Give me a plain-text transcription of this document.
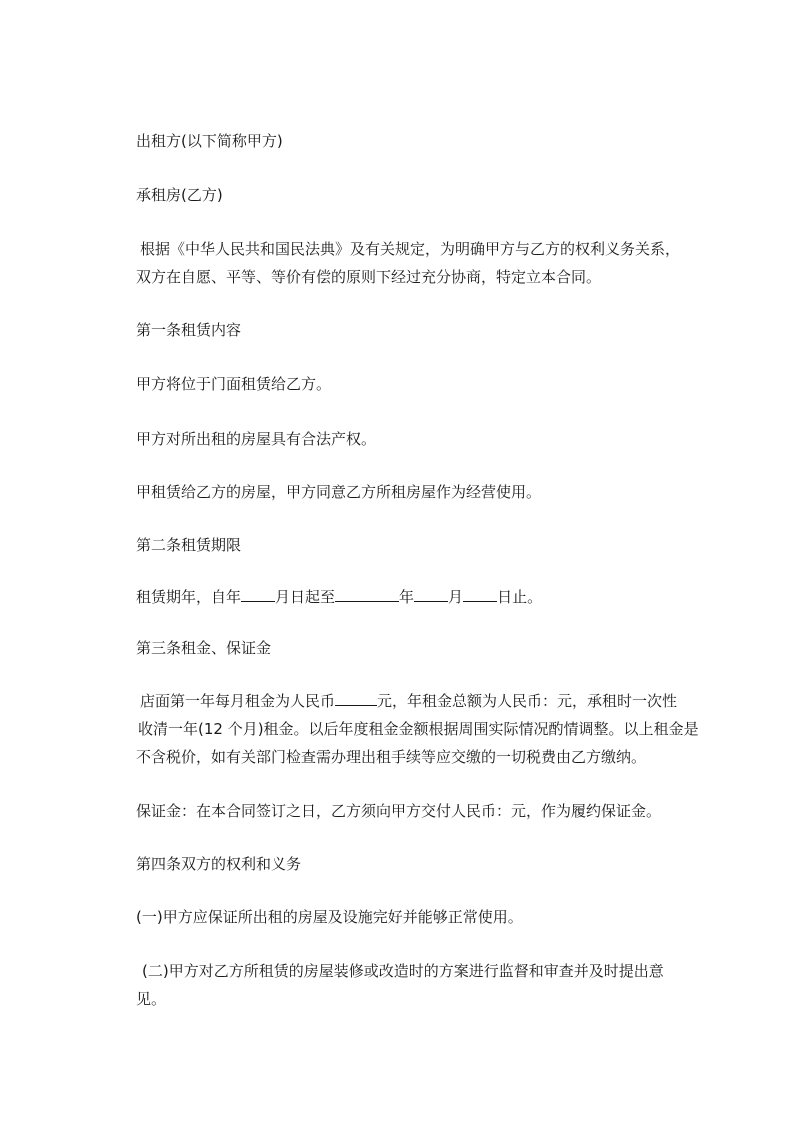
出租方(以下简称甲方)

承租房(乙方)

根据《中华人民共和国民法典》及有关规定，为明确甲方与乙方的权利义务关系，

双方在自愿、平等、等价有偿的原则下经过充分协商，特定立本合同。

第一条租赁内容

甲方将位于门面租赁给乙方。

甲方对所出租的房屋具有合法产权。

甲租赁给乙方的房屋，甲方同意乙方所租房屋作为经营使用。

第二条租赁期限

租赁期年，自年 月日起至	年 月 日止。

第三条租金、保证金

店面第一年每月租金为人民币	元，年租金总额为人民币：元，承租时一次性

收清一年(12 个月)租金。以后年度租金金额根据周围实际情况酌情调整。以上租金是

不含税价，如有关部门检查需办理出租手续等应交缴的一切税费由乙方缴纳。

保证金：在本合同签订之日，乙方须向甲方交付人民币：元，作为履约保证金。

第四条双方的权利和义务

(一)甲方应保证所出租的房屋及设施完好并能够正常使用。

(二)甲方对乙方所租赁的房屋装修或改造时的方案进行监督和审查并及时提出意

见。
